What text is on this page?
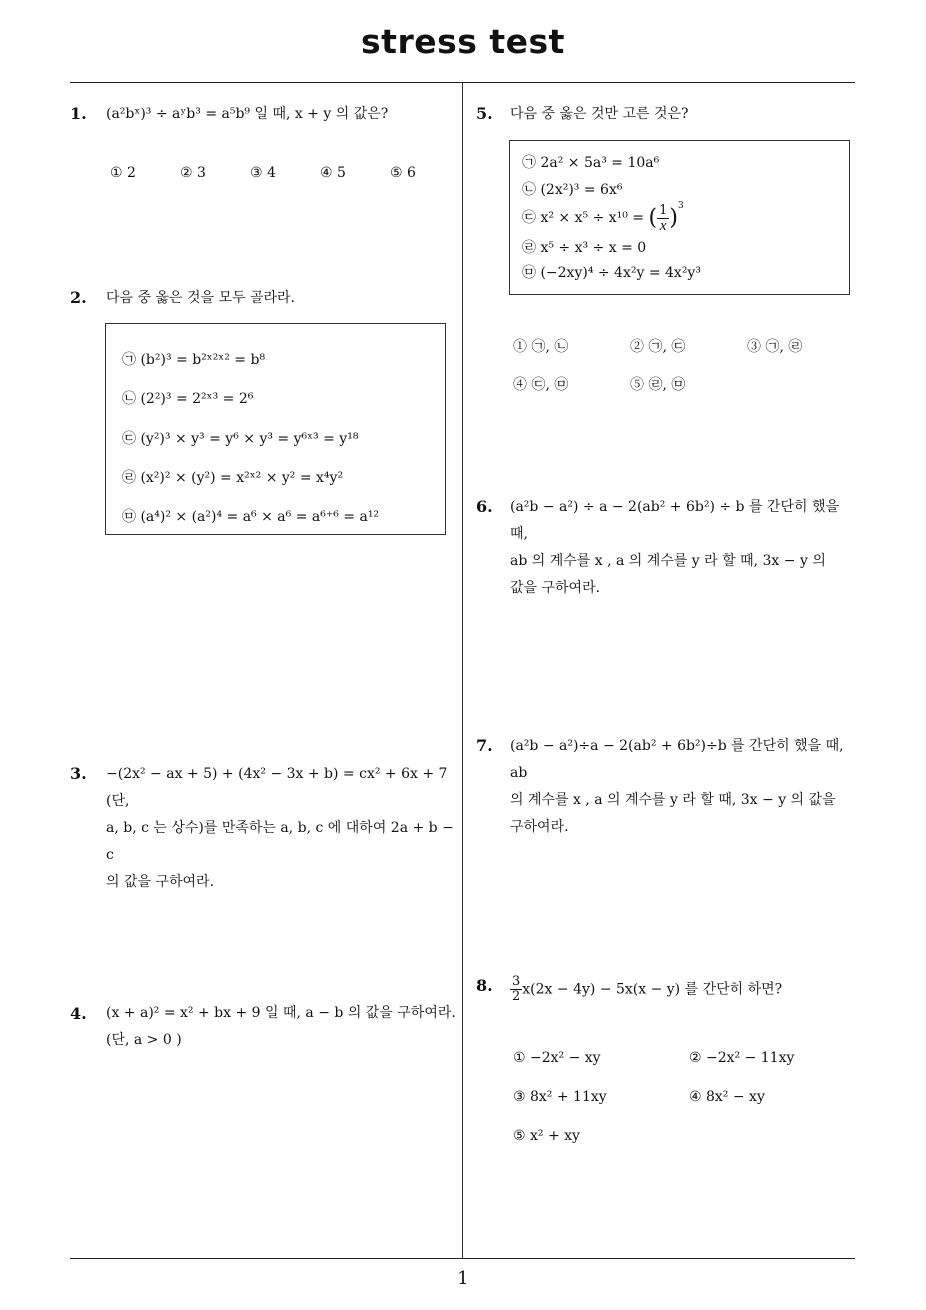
stress test
1. (a²bˣ)³ ÷ aʸb³ = a⁵b⁹ 일 때, x + y 의 값은?
① 2	② 3	③ 4	④ 5	⑤ 6
2. 다음 중 옳은 것을 모두 골라라.
㉠ (b²)³ = b²ˣ²ˣ² = b⁸
㉡ (2²)³ = 2²ˣ³ = 2⁶
㉢ (y²)³ × y³ = y⁶ × y³ = y⁶ˣ³ = y¹⁸
㉣ (x²)² × (y²) = x²ˣ² × y² = x⁴y²
㉤ (a⁴)² × (a²)⁴ = a⁶ × a⁶ = a⁶⁺⁶ = a¹²
3. −(2x² − ax + 5) + (4x² − 3x + b) = cx² + 6x + 7 (단,
a, b, c 는 상수)를 만족하는 a, b, c 에 대하여 2a + b − c
의 값을 구하여라.
4. (x + a)² = x² + bx + 9 일 때, a − b 의 값을 구하여라.
(단, a > 0 )
5. 다음 중 옳은 것만 고른 것은?
㉠ 2a² × 5a³ = 10a⁶
㉡ (2x²)³ = 6x⁶
㉢ x² × x⁵ ÷ x¹⁰ = ( $\frac{1}{x} )^3$
㉣ x⁵ ÷ x³ ÷ x = 0
㉤ (−2xy)⁴ ÷ 4x²y = 4x²y³
① ㉠, ㉡	② ㉠, ㉢	③ ㉠, ㉣
④ ㉢, ㉤	⑤ ㉣, ㉤
6. (a²b − a²) ÷ a − 2(ab² + 6b²) ÷ b 를 간단히 했을 때,
ab 의 계수를 x , a 의 계수를 y 라 할 때, 3x − y 의
값을 구하여라.
7. (a²b − a²)÷a − 2(ab² + 6b²)÷b 를 간단히 했을 때, ab
의 계수를 x , a 의 계수를 y 라 할 때, 3x − y 의 값을
구하여라.
8. $\frac{3}{2} x(2x - 4y) - 5x(x - y)$ 를 간단히 하면?
① −2x² − xy	② −2x² − 11xy
③ 8x² + 11xy	④ 8x² − xy
⑤ x² + xy
1
